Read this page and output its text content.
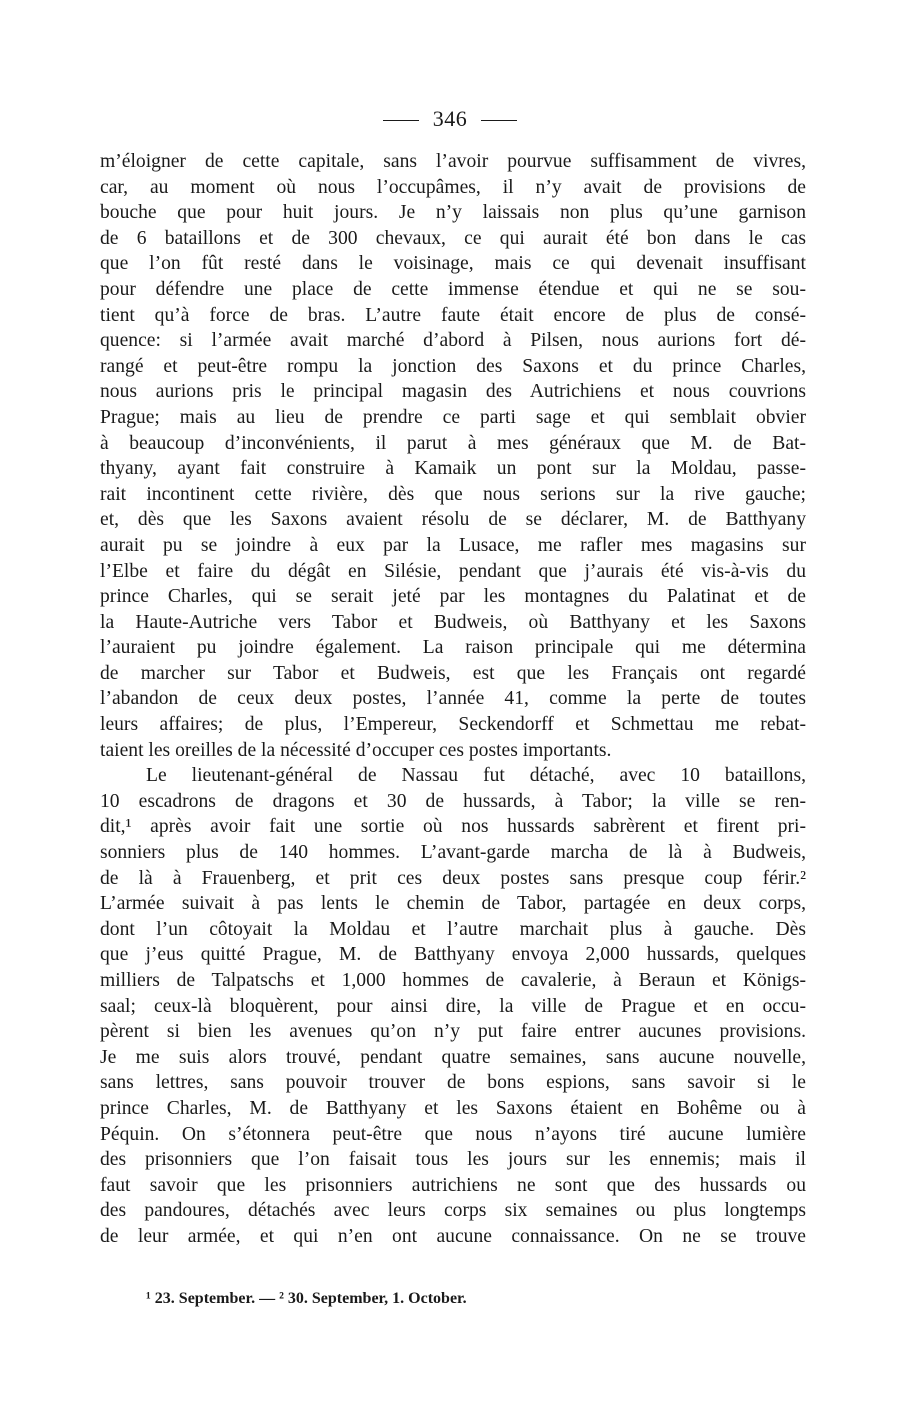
346
m’éloigner de cette capitale, sans l’avoir pourvue suffisamment de vivres,
car, au moment où nous l’occupâmes, il n’y avait de provisions de
bouche que pour huit jours. Je n’y laissais non plus qu’une garnison
de 6 bataillons et de 300 chevaux, ce qui aurait été bon dans le cas
que l’on fût resté dans le voisinage, mais ce qui devenait insuffisant
pour défendre une place de cette immense étendue et qui ne se sou-
tient qu’à force de bras. L’autre faute était encore de plus de consé-
quence: si l’armée avait marché d’abord à Pilsen, nous aurions fort dé-
rangé et peut-être rompu la jonction des Saxons et du prince Charles,
nous aurions pris le principal magasin des Autrichiens et nous couvrions
Prague; mais au lieu de prendre ce parti sage et qui semblait obvier
à beaucoup d’inconvénients, il parut à mes généraux que M. de Bat-
thyany, ayant fait construire à Kamaik un pont sur la Moldau, passe-
rait incontinent cette rivière, dès que nous serions sur la rive gauche;
et, dès que les Saxons avaient résolu de se déclarer, M. de Batthyany
aurait pu se joindre à eux par la Lusace, me rafler mes magasins sur
l’Elbe et faire du dégât en Silésie, pendant que j’aurais été vis-à-vis du
prince Charles, qui se serait jeté par les montagnes du Palatinat et de
la Haute-Autriche vers Tabor et Budweis, où Batthyany et les Saxons
l’auraient pu joindre également. La raison principale qui me détermina
de marcher sur Tabor et Budweis, est que les Français ont regardé
l’abandon de ceux deux postes, l’année 41, comme la perte de toutes
leurs affaires; de plus, l’Empereur, Seckendorff et Schmettau me rebat-
taient les oreilles de la nécessité d’occuper ces postes importants.
Le lieutenant-général de Nassau fut détaché, avec 10 bataillons,
10 escadrons de dragons et 30 de hussards, à Tabor; la ville se ren-
dit,¹ après avoir fait une sortie où nos hussards sabrèrent et firent pri-
sonniers plus de 140 hommes. L’avant-garde marcha de là à Budweis,
de là à Frauenberg, et prit ces deux postes sans presque coup férir.²
L’armée suivait à pas lents le chemin de Tabor, partagée en deux corps,
dont l’un côtoyait la Moldau et l’autre marchait plus à gauche. Dès
que j’eus quitté Prague, M. de Batthyany envoya 2,000 hussards, quelques
milliers de Talpatschs et 1,000 hommes de cavalerie, à Beraun et Königs-
saal; ceux-là bloquèrent, pour ainsi dire, la ville de Prague et en occu-
pèrent si bien les avenues qu’on n’y put faire entrer aucunes provisions.
Je me suis alors trouvé, pendant quatre semaines, sans aucune nouvelle,
sans lettres, sans pouvoir trouver de bons espions, sans savoir si le
prince Charles, M. de Batthyany et les Saxons étaient en Bohême ou à
Péquin. On s’étonnera peut-être que nous n’ayons tiré aucune lumière
des prisonniers que l’on faisait tous les jours sur les ennemis; mais il
faut savoir que les prisonniers autrichiens ne sont que des hussards ou
des pandoures, détachés avec leurs corps six semaines ou plus longtemps
de leur armée, et qui n’en ont aucune connaissance. On ne se trouve
¹ 23. September. — ² 30. September, 1. October.
